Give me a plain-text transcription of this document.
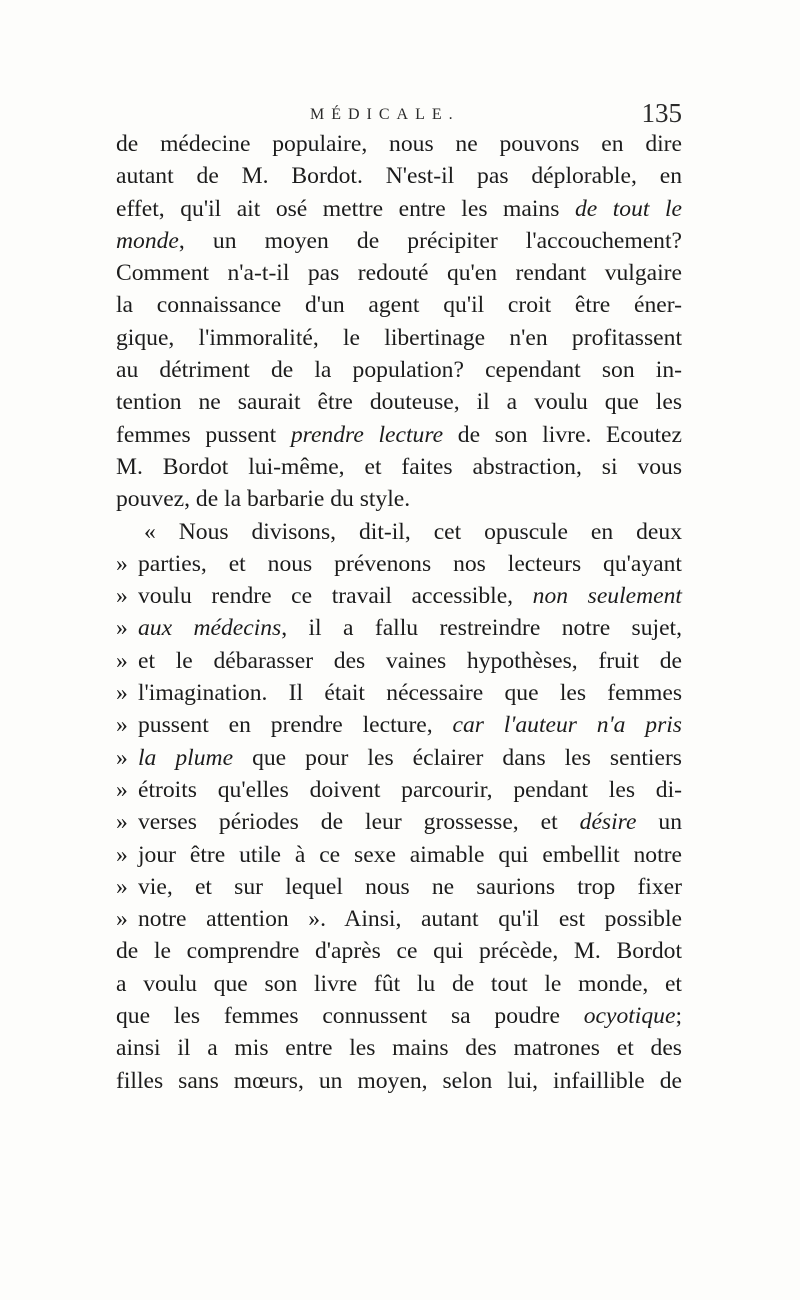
MÉDICALE.	135
de médecine populaire, nous ne pouvons en dire
autant de M. Bordot. N'est-il pas déplorable, en
effet, qu'il ait osé mettre entre les mains de tout le
monde, un moyen de précipiter l'accouchement?
Comment n'a-t-il pas redouté qu'en rendant vulgaire
la connaissance d'un agent qu'il croit être éner-
gique, l'immoralité, le libertinage n'en profitassent
au détriment de la population? cependant son in-
tention ne saurait être douteuse, il a voulu que les
femmes pussent prendre lecture de son livre. Ecoutez
M. Bordot lui-même, et faites abstraction, si vous
pouvez, de la barbarie du style.
« Nous divisons, dit-il, cet opuscule en deux
» parties, et nous prévenons nos lecteurs qu'ayant
» voulu rendre ce travail accessible, non seulement
» aux médecins, il a fallu restreindre notre sujet,
» et le débarasser des vaines hypothèses, fruit de
» l'imagination. Il était nécessaire que les femmes
» pussent en prendre lecture, car l'auteur n'a pris
» la plume que pour les éclairer dans les sentiers
» étroits qu'elles doivent parcourir, pendant les di-
» verses périodes de leur grossesse, et désire un
» jour être utile à ce sexe aimable qui embellit notre
» vie, et sur lequel nous ne saurions trop fixer
» notre attention ». Ainsi, autant qu'il est possible
de le comprendre d'après ce qui précède, M. Bordot
a voulu que son livre fût lu de tout le monde, et
que les femmes connussent sa poudre ocyotique;
ainsi il a mis entre les mains des matrones et des
filles sans mœurs, un moyen, selon lui, infaillible de
